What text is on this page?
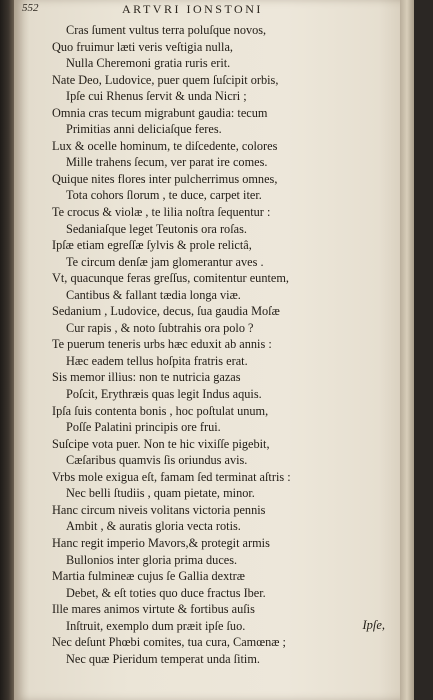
552	ARTVRI IONSTONI
Cras ſument vultus terra poluſque novos,
Quo fruimur læti veris veſtigia nulla,
Nulla Cheremoni gratia ruris erit.
Nate Deo, Ludovice, puer quem ſuſcipit orbis,
Ipſe cui Rhenus ſervit & unda Nicri ;
Omnia cras tecum migrabunt gaudia: tecum
Primitias anni deliciaſque feres.
Lux & ocelle hominum, te diſcedente, colores
Mille trahens ſecum, ver parat ire comes.
Quique nites flores inter pulcherrimus omnes,
Tota cohors ſlorum , te duce, carpet iter.
Te crocus & violæ , te lilia noſtra ſequentur :
Sedaniaſque leget Teutonis ora roſas.
Ipſæ etiam egreſſæ ſylvis & prole relictâ,
Te circum denſæ jam glomerantur aves .
Vt, quacunque feras greſſus, comitentur euntem,
Cantibus & fallant tædia longa viæ.
Sedanium , Ludovice, decus, ſua gaudia Moſæ
Cur rapis , & noto ſubtrahis ora polo ?
Te puerum teneris urbs hæc eduxit ab annis :
Hæc eadem tellus hoſpita fratris erat.
Sis memor illius: non te nutricia gazas
Poſcit, Erythræis quas legit Indus aquis.
Ipſa ſuis contenta bonis , hoc poſtulat unum,
Poſſe Palatini principis ore frui.
Suſcipe vota puer. Non te hic vixiſſe pigebit,
Cæſaribus quamvis ſis oriundus avis.
Vrbs mole exigua eſt, famam ſed terminat aſtris :
Nec belli ſtudiis , quam pietate, minor.
Hanc circum niveis volitans victoria pennis
Ambit , & auratis gloria vecta rotis.
Hanc regit imperio Mavors,& protegit armis
Bullonios inter gloria prima duces.
Martia fulmineæ cujus ſe Gallia dextræ
Debet, & eſt toties quo duce fractus Iber.
Ille mares animos virtute & fortibus auſis
Inſtruit, exemplo dum præit ipſe ſuo.
Nec deſunt Phœbi comites, tua cura, Camœnæ ;
Nec quæ Pieridum temperat unda ſitim.
Ipſe,
